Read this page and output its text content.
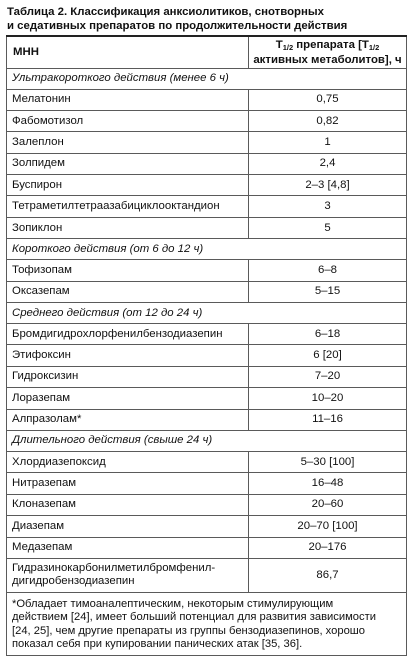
Таблица 2. Классификация анксиолитиков, снотворных
и седативных препаратов по продолжительности действия
МНН	$Т_{1/2}$ препарата [$Т_{1/2}$
активных метаболитов], ч
Ультракороткого действия (менее 6 ч)	
Мелатонин	0,75
Фабомотизол	0,82
Залеплон	1
Золпидем	2,4
Буспирон	2–3 [4,8]
Тетраметилтетраазабициклооктандион	3
Зопиклон	5
Короткого действия (от 6 до 12 ч)	
Тофизопам	6–8
Оксазепам	5–15
Среднего действия (от 12 до 24 ч)	
Бромдигидрохлорфенилбензодиазепин	6–18
Этифоксин	6 [20]
Гидроксизин	7–20
Лоразепам	10–20
Алпразолам*	11–16
Длительного действия (свыше 24 ч)	
Хлордиазепоксид	5–30 [100]
Нитразепам	16–48
Клоназепам	20–60
Диазепам	20–70 [100]
Медазепам	20–176
Гидразинокарбонилметилбромфенил-
дигидробензодиазепин	86,7

*Обладает тимоаналептическим, некоторым стимулирующим
действием [24], имеет больший потенциал для развития зависимости
[24, 25], чем другие препараты из группы бензодиазепинов, хорошо
показал себя при купировании панических атак [35, 36].	
